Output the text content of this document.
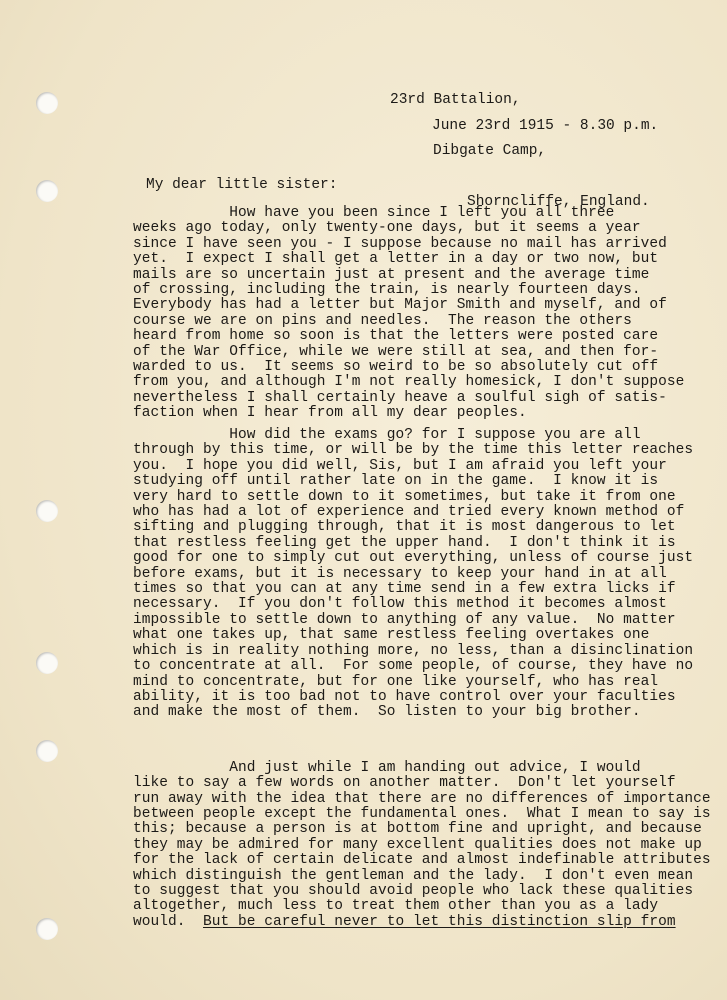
23rd Battalion,

Dibgate Camp,

Shorncliffe, England.

June 23rd 1915 - 8.30 p.m.
My dear little sister:
How have you been since I left you all three
weeks ago today, only twenty-one days, but it seems a year
since I have seen you - I suppose because no mail has arrived
yet.  I expect I shall get a letter in a day or two now, but
mails are so uncertain just at present and the average time
of crossing, including the train, is nearly fourteen days.
Everybody has had a letter but Major Smith and myself, and of
course we are on pins and needles.  The reason the others
heard from home so soon is that the letters were posted care
of the War Office, while we were still at sea, and then for-
warded to us.  It seems so weird to be so absolutely cut off
from you, and although I'm not really homesick, I don't suppose
nevertheless I shall certainly heave a soulful sigh of satis-
faction when I hear from all my dear peoples.
How did the exams go? for I suppose you are all
through by this time, or will be by the time this letter reaches
you.  I hope you did well, Sis, but I am afraid you left your
studying off until rather late on in the game.  I know it is
very hard to settle down to it sometimes, but take it from one
who has had a lot of experience and tried every known method of
sifting and plugging through, that it is most dangerous to let
that restless feeling get the upper hand.  I don't think it is
good for one to simply cut out everything, unless of course just
before exams, but it is necessary to keep your hand in at all
times so that you can at any time send in a few extra licks if
necessary.  If you don't follow this method it becomes almost
impossible to settle down to anything of any value.  No matter
what one takes up, that same restless feeling overtakes one
which is in reality nothing more, no less, than a disinclination
to concentrate at all.  For some people, of course, they have no
mind to concentrate, but for one like yourself, who has real
ability, it is too bad not to have control over your faculties
and make the most of them.  So listen to your big brother.

And just while I am handing out advice, I would
like to say a few words on another matter.  Don't let yourself
run away with the idea that there are no differences of importance
between people except the fundamental ones.  What I mean to say is
this; because a person is at bottom fine and upright, and because
they may be admired for many excellent qualities does not make up
for the lack of certain delicate and almost indefinable attributes
which distinguish the gentleman and the lady.  I don't even mean
to suggest that you should avoid people who lack these qualities
altogether, much less to treat them other than you as a lady

would.  But be careful never to let this distinction slip from
